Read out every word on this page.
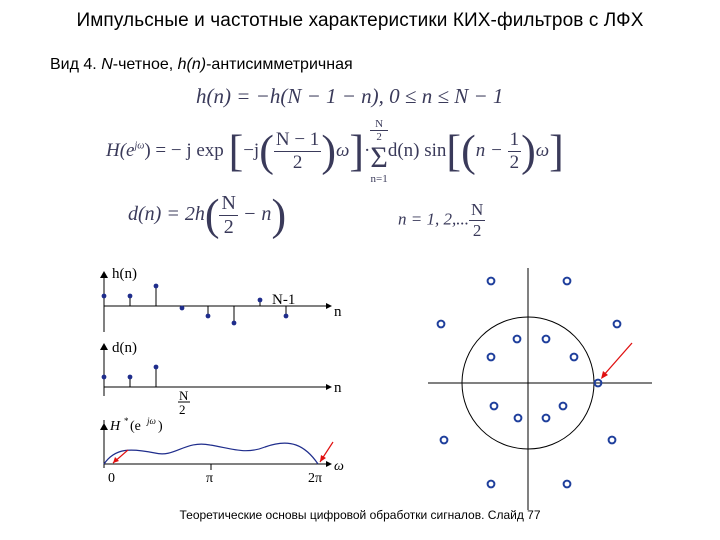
Импульсные и частотные характеристики КИХ-фильтров с ЛФХ
Вид 4. N-четное, h(n)-антисимметричная
h(n) = −h(N − 1 − n), 0 ≤ n ≤ N − 1
$H(e^{j\omega})$ = − j $\exp [-j( \frac{N - 1}{2} )\omega]\cdot$
N
2
Σ
n=1d(n) $\sin[(n - \frac{1}{2} )\omega]$
$d(n) = 2h( \frac{N}{2} - n)$	n = 1, 2,... $\frac{N}{2}$
h(n)
n
N-1
d(n)
n
N
2
H * (e jω )
ω
0	π	2π
Теоретические основы цифровой обработки сигналов. Слайд 77
